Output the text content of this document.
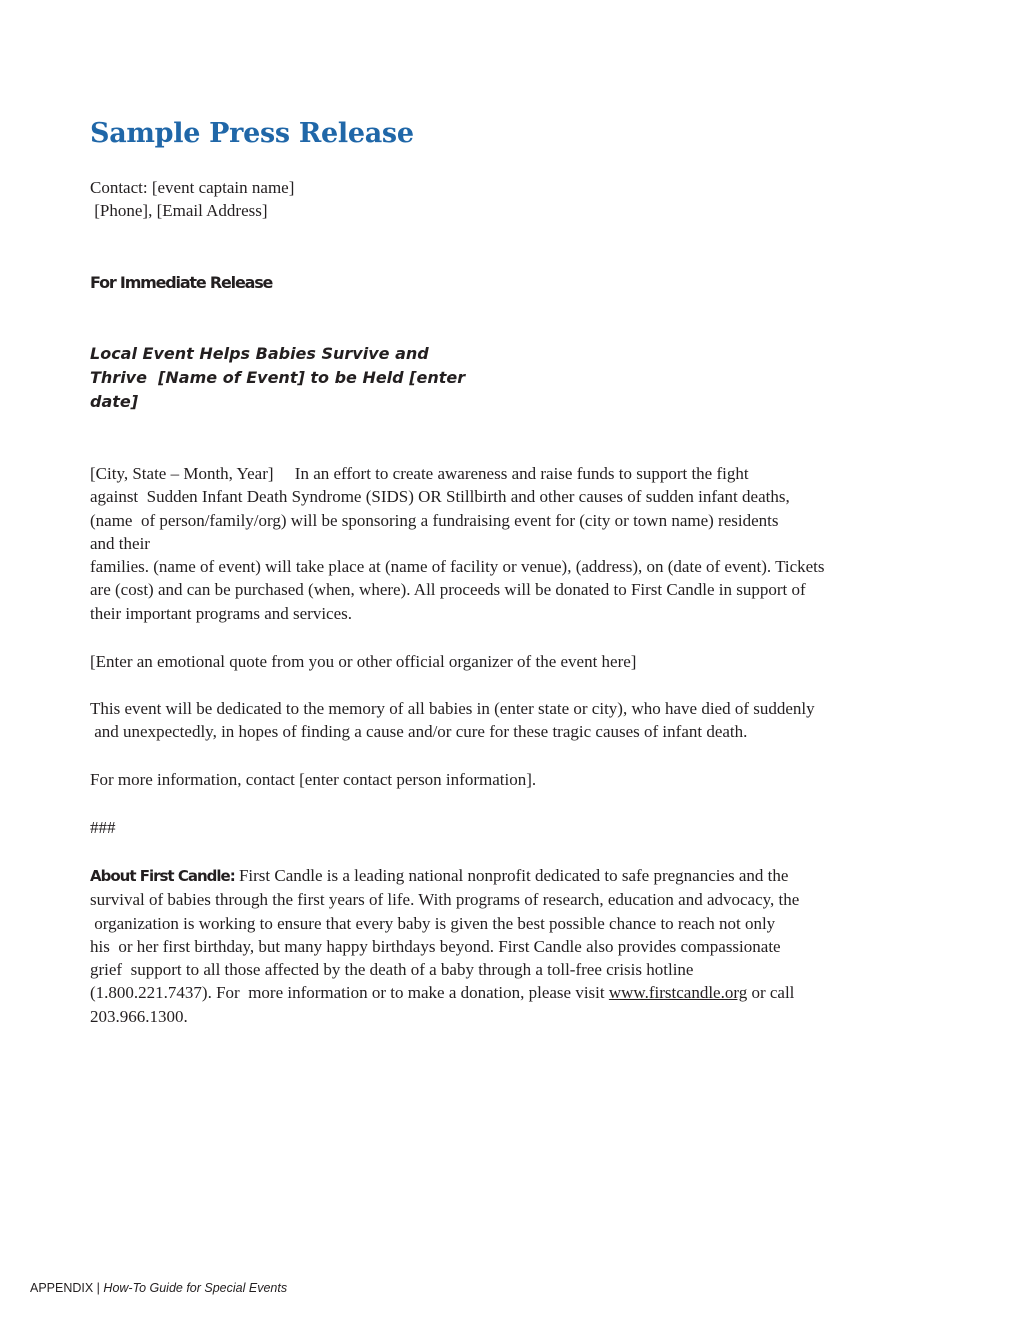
Sample Press Release
Contact: [event captain name]
[Phone], [Email Address]
For Immediate Release
Local Event Helps Babies Survive and
Thrive  [Name of Event] to be Held [enter
date]
[City, State – Month, Year]     In an effort to create awareness and raise funds to support the fight
against  Sudden Infant Death Syndrome (SIDS) OR Stillbirth and other causes of sudden infant deaths,
(name  of person/family/org) will be sponsoring a fundraising event for (city or town name) residents
and their
families. (name of event) will take place at (name of facility or venue), (address), on (date of event). Tickets
are (cost) and can be purchased (when, where). All proceeds will be donated to First Candle in support of
their important programs and services.
[Enter an emotional quote from you or other official organizer of the event here]
This event will be dedicated to the memory of all babies in (enter state or city), who have died of suddenly
and unexpectedly, in hopes of finding a cause and/or cure for these tragic causes of infant death.
For more information, contact [enter contact person information].
###
About First Candle: First Candle is a leading national nonprofit dedicated to safe pregnancies and the
survival of babies through the first years of life. With programs of research, education and advocacy, the
organization is working to ensure that every baby is given the best possible chance to reach not only
his  or her first birthday, but many happy birthdays beyond. First Candle also provides compassionate
grief  support to all those affected by the death of a baby through a toll-free crisis hotline
(1.800.221.7437). For  more information or to make a donation, please visit www.firstcandle.org or call
203.966.1300.
APPENDIX | How-To Guide for Special Events
